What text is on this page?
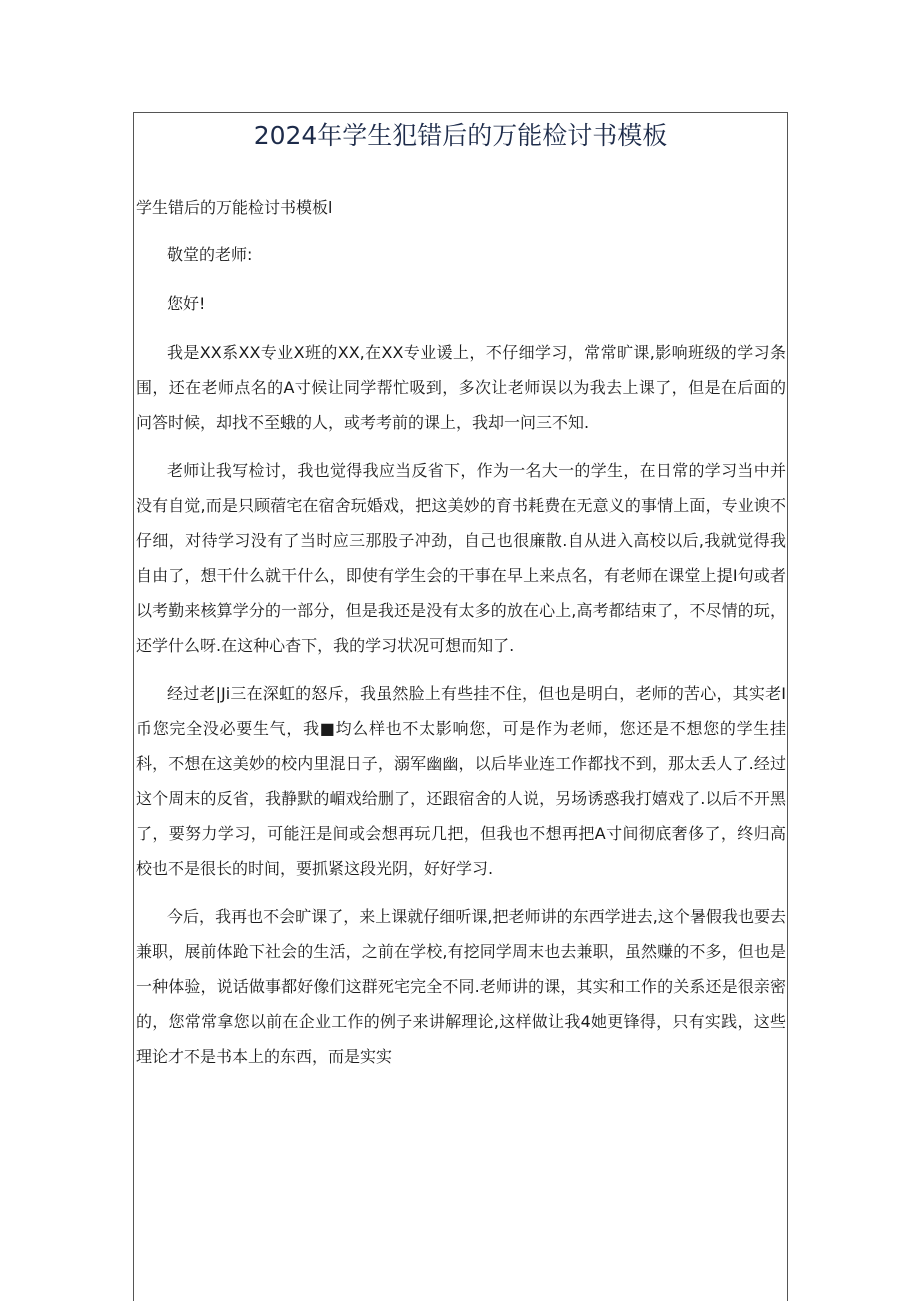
2024年学生犯错后的万能检讨书模板

学生错后的万能检讨书模板l

敬堂的老师:

您好!

我是XX系XX专业X班的XX,在XX专业谖上，不仔细学习，常常旷课,影响班级的学习条围，还在老师点名的A寸候让同学帮忙吸到，多次让老师误以为我去上课了，但是在后面的问答时候，却找不至蛾的人，或考考前的课上，我却一问三不知.

老师让我写检讨，我也觉得我应当反省下，作为一名大一的学生，在日常的学习当中并没有自觉,而是只顾蓿宅在宿舍玩婚戏，把这美妙的育书耗费在无意义的事情上面，专业谀不仔细，对待学习没有了当时应三那股子冲劲，自己也很廉散.自从进入高校以后,我就觉得我自由了，想干什么就干什么，即使有学生会的干事在早上来点名，有老师在课堂上提I句或者以考勤来核算学分的一部分，但是我还是没有太多的放在心上,高考都结束了，不尽情的玩，还学什么呀.在这种心杳下，我的学习状况可想而知了.

经过老|Ji三在深虹的怒斥，我虽然脸上有些挂不住，但也是明白，老师的苦心，其实老I币您完全没必要生气，我■均么样也不太影响您，可是作为老师，您还是不想您的学生挂科，不想在这美妙的校内里混日子，溺军幽幽，以后毕业连工作都找不到，那太丢人了.经过这个周末的反省，我静默的嵋戏给删了，还跟宿舍的人说，另场诱惑我打嬉戏了.以后不开黑了，要努力学习，可能汪是间或会想再玩几把，但我也不想再把A寸间彻底奢侈了，终归高校也不是很长的时间，要抓紧这段光阴，好好学习.

今后，我再也不会旷课了，来上课就仔细听课,把老师讲的东西学进去,这个暑假我也要去兼职，展前体跄下社会的生活，之前在学校,有挖同学周末也去兼职，虽然赚的不多，但也是一种体验，说话做事都好像们这群死宅完全不同.老师讲的课，其实和工作的关系还是很亲密的，您常常拿您以前在企业工作的例子来讲解理论,这样做让我4她更锋得，只有实践，这些理论才不是书本上的东西，而是实实
